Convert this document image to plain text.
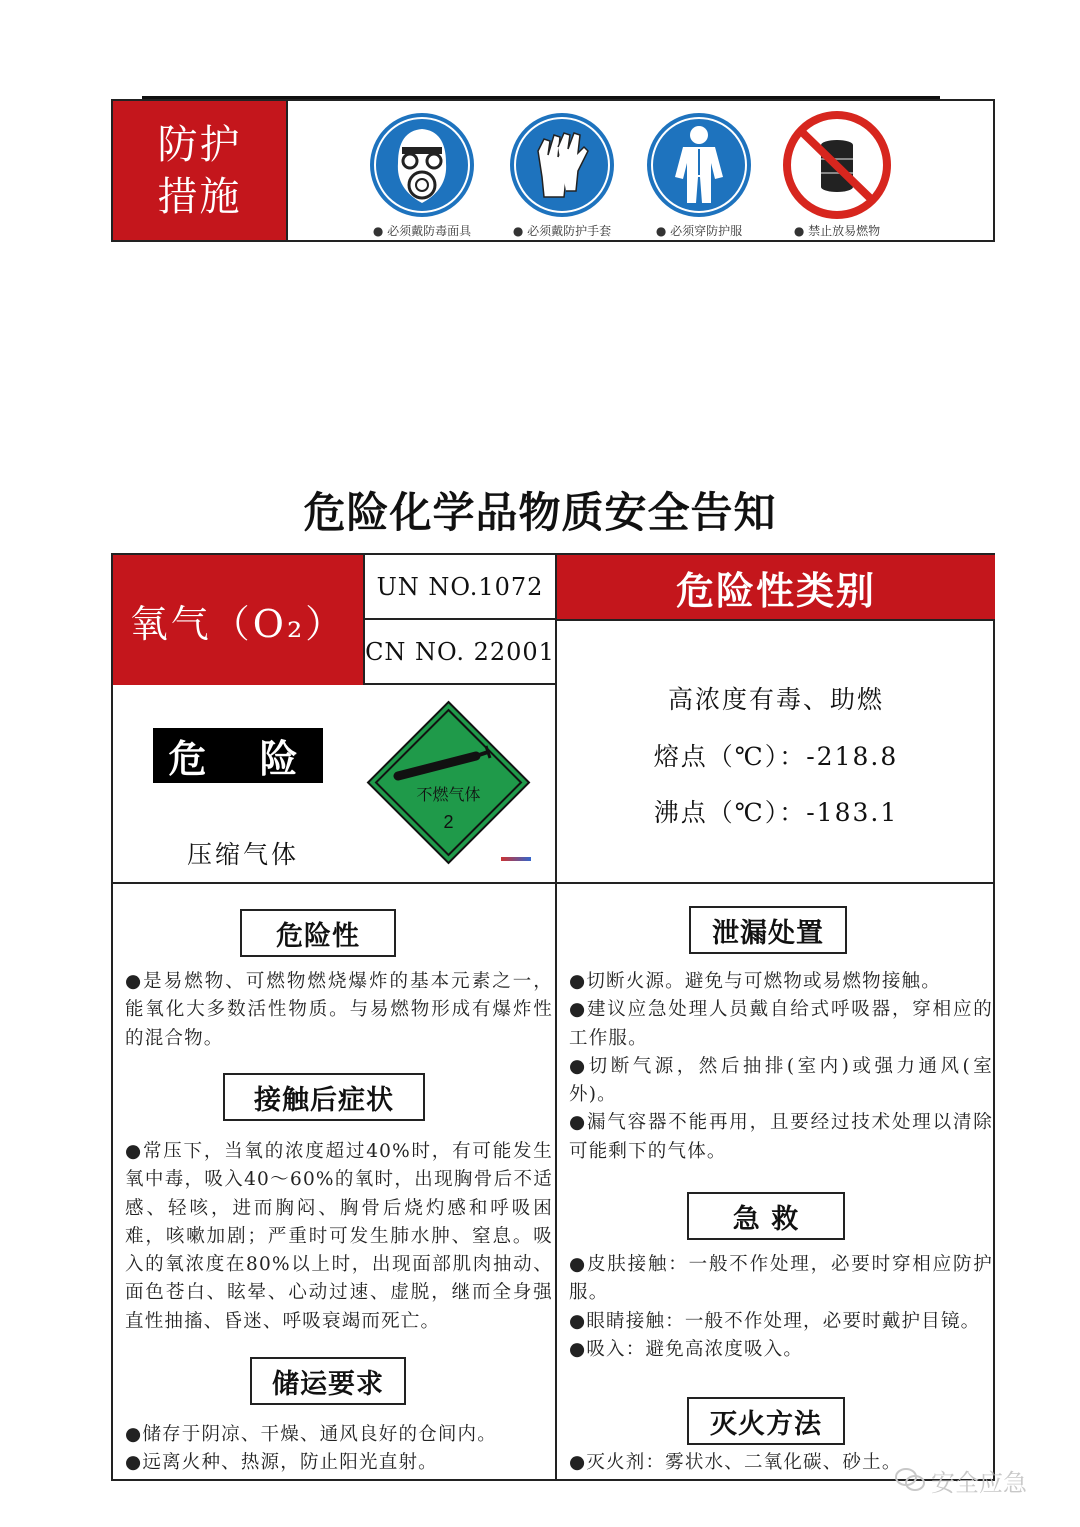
防护
措施
● 必须戴防毒面具	● 必须戴防护手套	● 必须穿防护服	● 禁止放易燃物
危险化学品物质安全告知
氧气（O₂）
UN NO.1072
CN NO. 22001
危险性类别
危 险
压缩气体
不燃气体
2
高浓度有毒、助燃
熔点（℃）：-218.8
沸点（℃）：-183.1
危险性

●是易燃物、可燃物燃烧爆炸的基本元素之一，能氧化大多数活性物质。与易燃物形成有爆炸性的混合物。

接触后症状

●常压下，当氧的浓度超过40%时，有可能发生氧中毒，吸入40～60%的氧时，出现胸骨后不适感、轻咳，进而胸闷、胸骨后烧灼感和呼吸困难，咳嗽加剧；严重时可发生肺水肿、窒息。吸入的氧浓度在80%以上时，出现面部肌肉抽动、面色苍白、眩晕、心动过速、虚脱，继而全身强直性抽搐、昏迷、呼吸衰竭而死亡。

储运要求

●储存于阴凉、干燥、通风良好的仓间内。

●远离火种、热源，防止阳光直射。

泄漏处置

●切断火源。避免与可燃物或易燃物接触。

●建议应急处理人员戴自给式呼吸器，穿相应的工作服。

●切断气源，然后抽排(室内)或强力通风(室外)。

●漏气容器不能再用，且要经过技术处理以清除可能剩下的气体。

急 救

●皮肤接触：一般不作处理，必要时穿相应防护服。

●眼睛接触：一般不作处理，必要时戴护目镜。

●吸入：避免高浓度吸入。

灭火方法

●灭火剂：雾状水、二氧化碳、砂土。

安全应急
